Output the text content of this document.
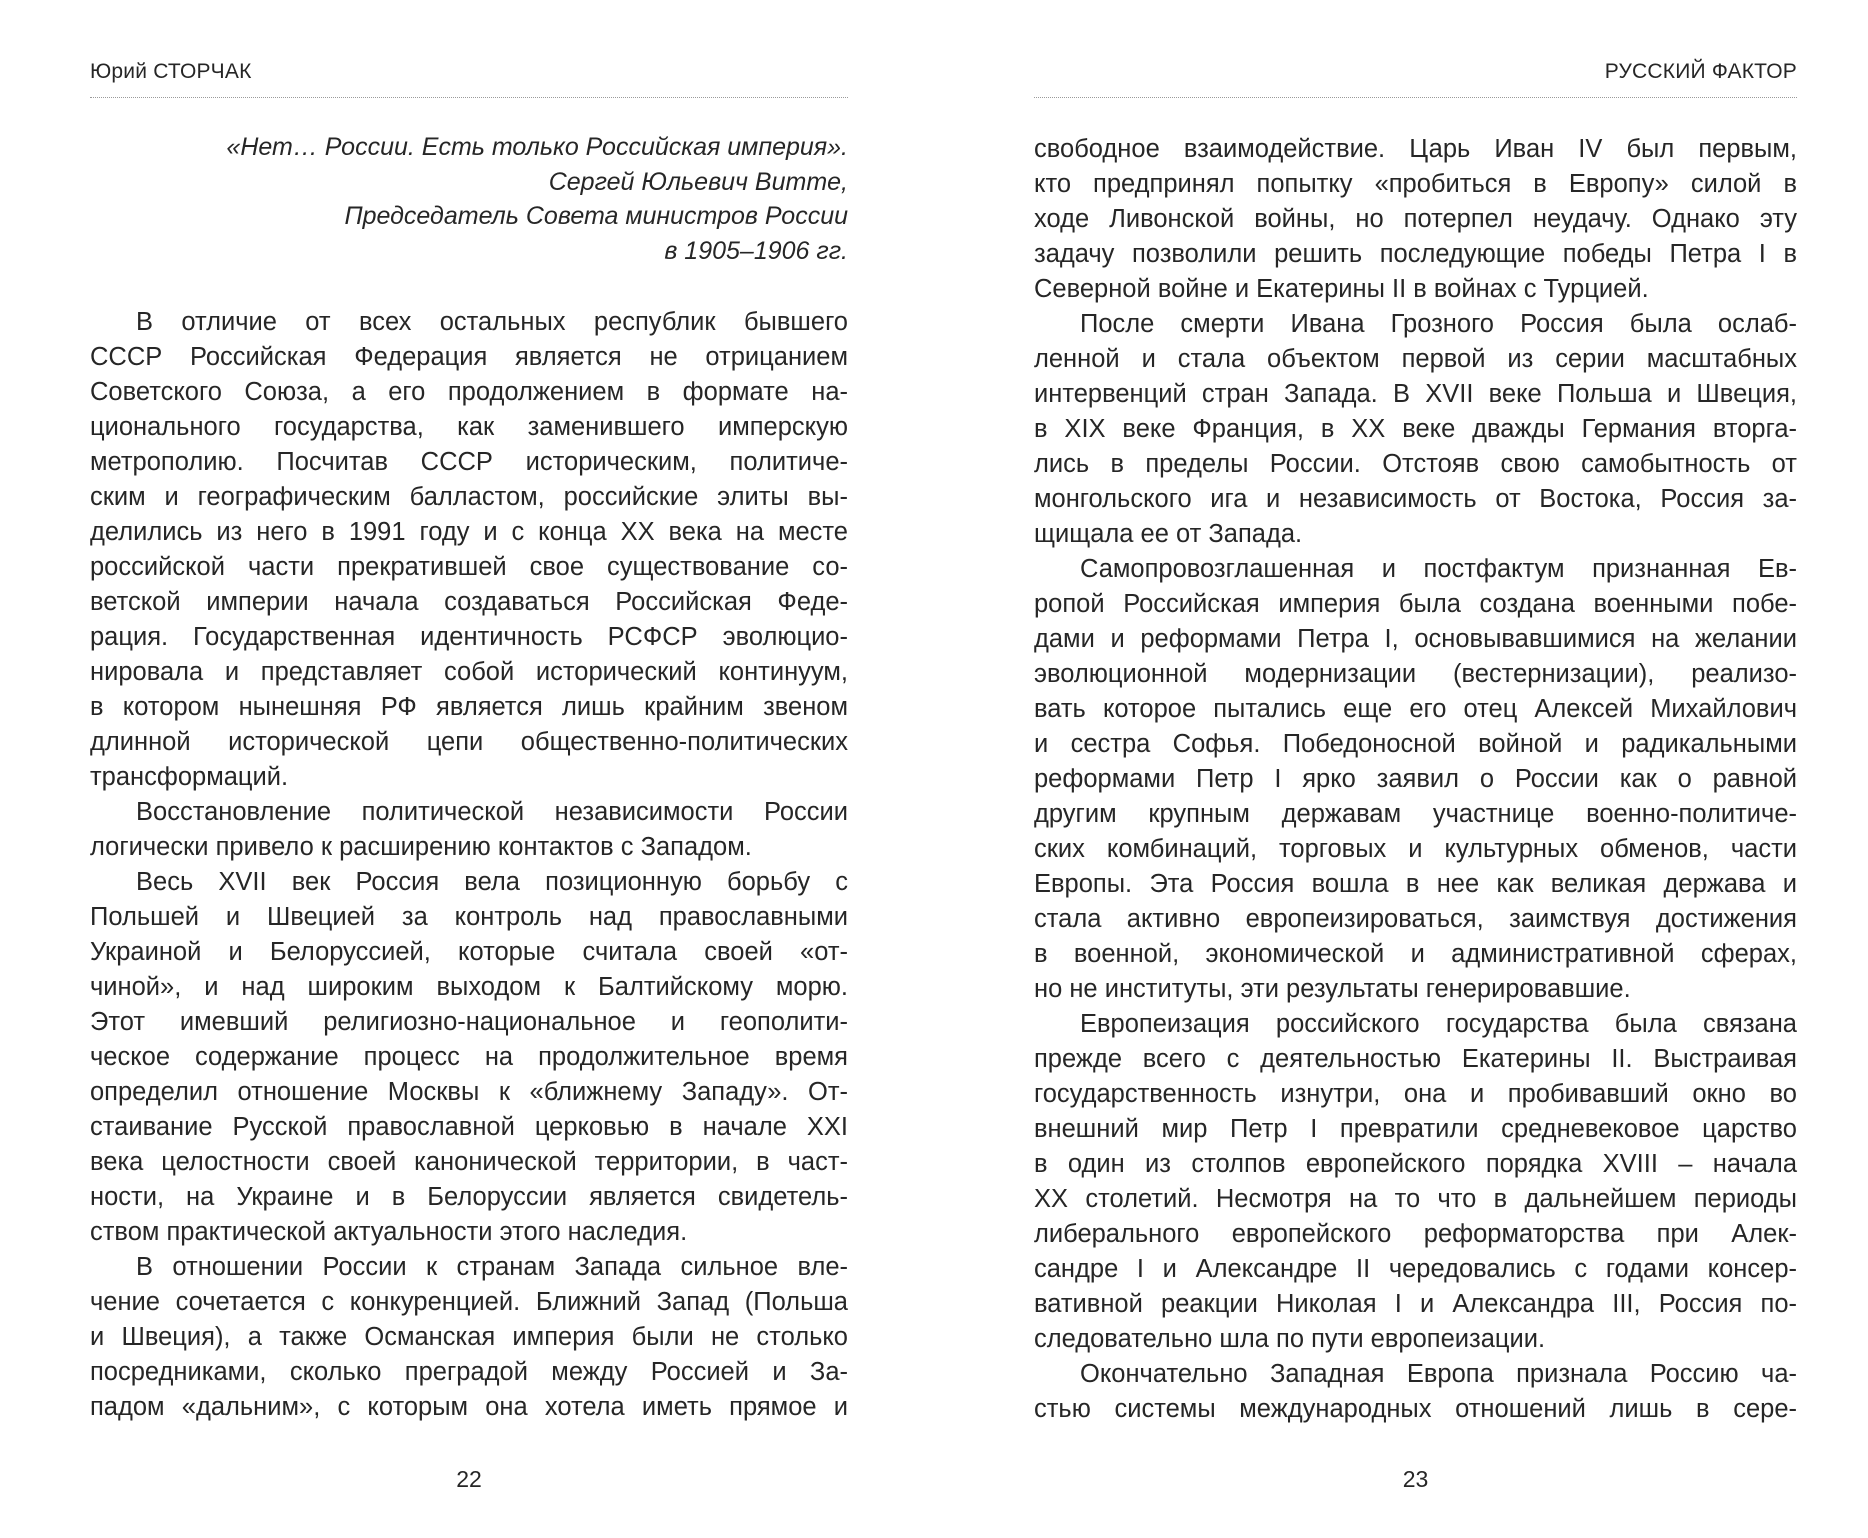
Юрий СТОРЧАК
«Нет… России. Есть только Российская империя».
Сергей Юльевич Витте,
Председатель Совета министров России
в 1905–1906 гг.
В отличие от всех остальных республик бывшего
СССР Российская Федерация является не отрицанием
Советского Союза, а его продолжением в формате на-
ционального государства, как заменившего имперскую
метрополию. Посчитав СССР историческим, политиче-
ским и географическим балластом, российские элиты вы-
делились из него в 1991 году и с конца XX века на месте
российской части прекратившей свое существование со-
ветской империи начала создаваться Российская Феде-
рация. Государственная идентичность РСФСР эволюцио-
нировала и представляет собой исторический континуум,
в котором нынешняя РФ является лишь крайним звеном
длинной исторической цепи общественно-политических
трансформаций.
Восстановление политической независимости России
логически привело к расширению контактов с Западом.
Весь XVII век Россия вела позиционную борьбу с
Польшей и Швецией за контроль над православными
Украиной и Белоруссией, которые считала своей «от-
чиной», и над широким выходом к Балтийскому морю.
Этот имевший религиозно-национальное и геополити-
ческое содержание процесс на продолжительное время
определил отношение Москвы к «ближнему Западу». От-
стаивание Русской православной церковью в начале XXI
века целостности своей канонической территории, в част-
ности, на Украине и в Белоруссии является свидетель-
ством практической актуальности этого наследия.
В отношении России к странам Запада сильное вле-
чение сочетается с конкуренцией. Ближний Запад (Польша
и Швеция), а также Османская империя были не столько
посредниками, сколько преградой между Россией и За-
падом «дальним», с которым она хотела иметь прямое и
22
РУССКИЙ ФАКТОР
свободное взаимодействие. Царь Иван IV был первым,
кто предпринял попытку «пробиться в Европу» силой в
ходе Ливонской войны, но потерпел неудачу. Однако эту
задачу позволили решить последующие победы Петра I в
Северной войне и Екатерины II в войнах с Турцией.
После смерти Ивана Грозного Россия была ослаб-
ленной и стала объектом первой из серии масштабных
интервенций стран Запада. В XVII веке Польша и Швеция,
в XIX веке Франция, в XX веке дважды Германия вторга-
лись в пределы России. Отстояв свою самобытность от
монгольского ига и независимость от Востока, Россия за-
щищала ее от Запада.
Самопровозглашенная и постфактум признанная Ев-
ропой Российская империя была создана военными побе-
дами и реформами Петра I, основывавшимися на желании
эволюционной модернизации (вестернизации), реализо-
вать которое пытались еще его отец Алексей Михайлович
и сестра Софья. Победоносной войной и радикальными
реформами Петр I ярко заявил о России как о равной
другим крупным державам участнице военно-политиче-
ских комбинаций, торговых и культурных обменов, части
Европы. Эта Россия вошла в нее как великая держава и
стала активно европеизироваться, заимствуя достижения
в военной, экономической и административной сферах,
но не институты, эти результаты генерировавшие.
Европеизация российского государства была связана
прежде всего с деятельностью Екатерины II. Выстраивая
государственность изнутри, она и пробивавший окно во
внешний мир Петр I превратили средневековое царство
в один из столпов европейского порядка XVIII – начала
XX столетий. Несмотря на то что в дальнейшем периоды
либерального европейского реформаторства при Алек-
сандре I и Александре II чередовались с годами консер-
вативной реакции Николая I и Александра III, Россия по-
следовательно шла по пути европеизации.
Окончательно Западная Европа признала Россию ча-
стью системы международных отношений лишь в сере-
23
